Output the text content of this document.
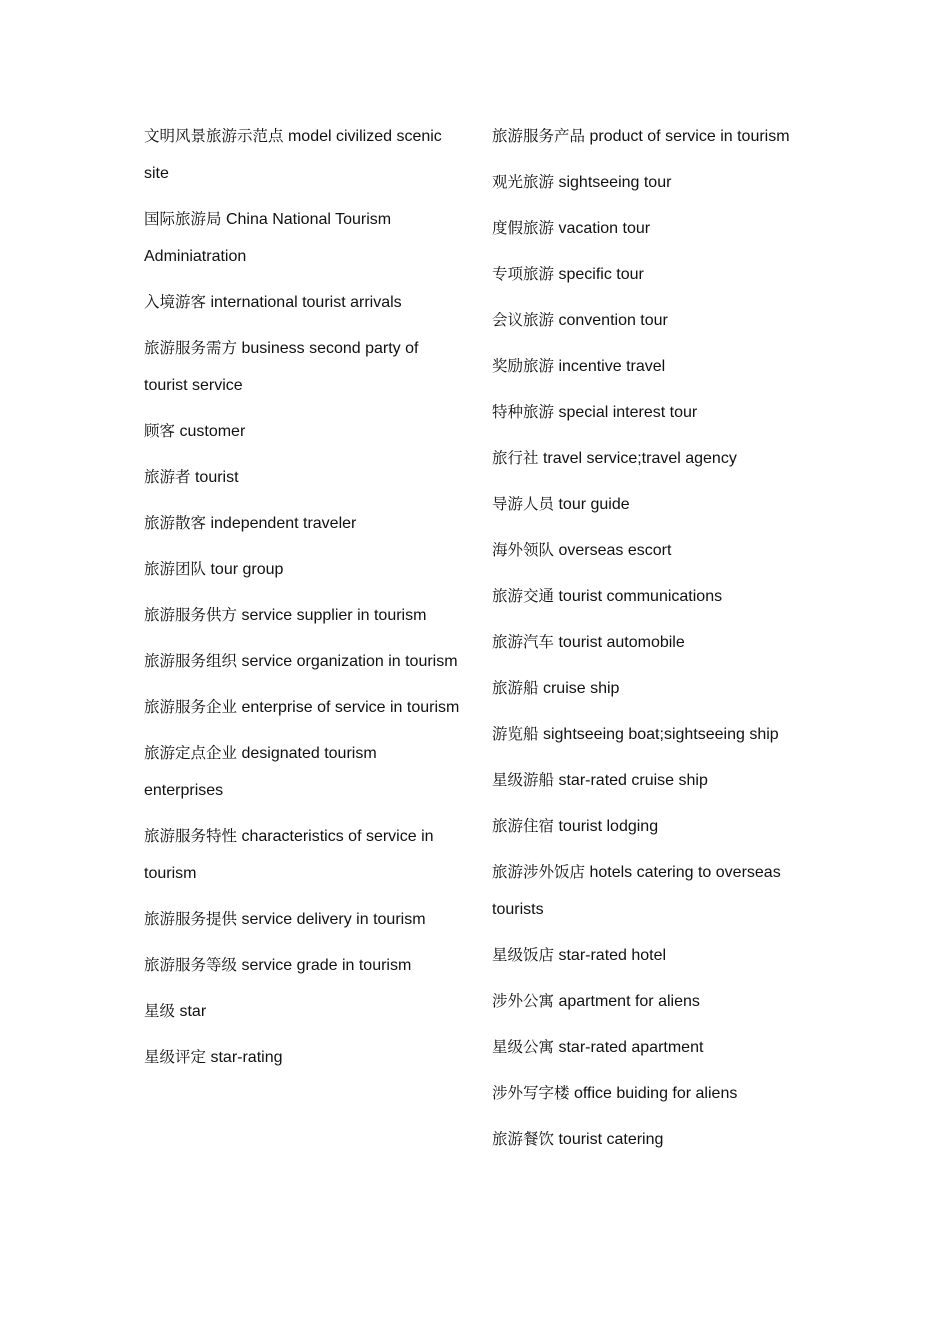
文明风景旅游示范点 model civilized scenic site
国际旅游局 China National Tourism Adminiatration
入境游客 international tourist arrivals
旅游服务需方 business second party of tourist service
顾客 customer
旅游者 tourist
旅游散客 independent traveler
旅游团队 tour group
旅游服务供方 service supplier in tourism
旅游服务组织 service organization in tourism
旅游服务企业 enterprise of service in tourism
旅游定点企业 designated tourism enterprises
旅游服务特性 characteristics of service in tourism
旅游服务提供 service delivery in tourism
旅游服务等级 service grade in tourism
星级 star
星级评定 star-rating
旅游服务产品 product of service in tourism
观光旅游 sightseeing tour
度假旅游 vacation tour
专项旅游 specific tour
会议旅游 convention tour
奖励旅游 incentive travel
特种旅游 special interest tour
旅行社 travel service;travel agency
导游人员 tour guide
海外领队 overseas escort
旅游交通 tourist communications
旅游汽车 tourist automobile
旅游船 cruise ship
游览船 sightseeing boat;sightseeing ship
星级游船 star-rated cruise ship
旅游住宿 tourist lodging
旅游涉外饭店 hotels catering to overseas tourists
星级饭店 star-rated hotel
涉外公寓 apartment for aliens
星级公寓 star-rated apartment
涉外写字楼 office buiding for aliens
旅游餐饮 tourist catering
